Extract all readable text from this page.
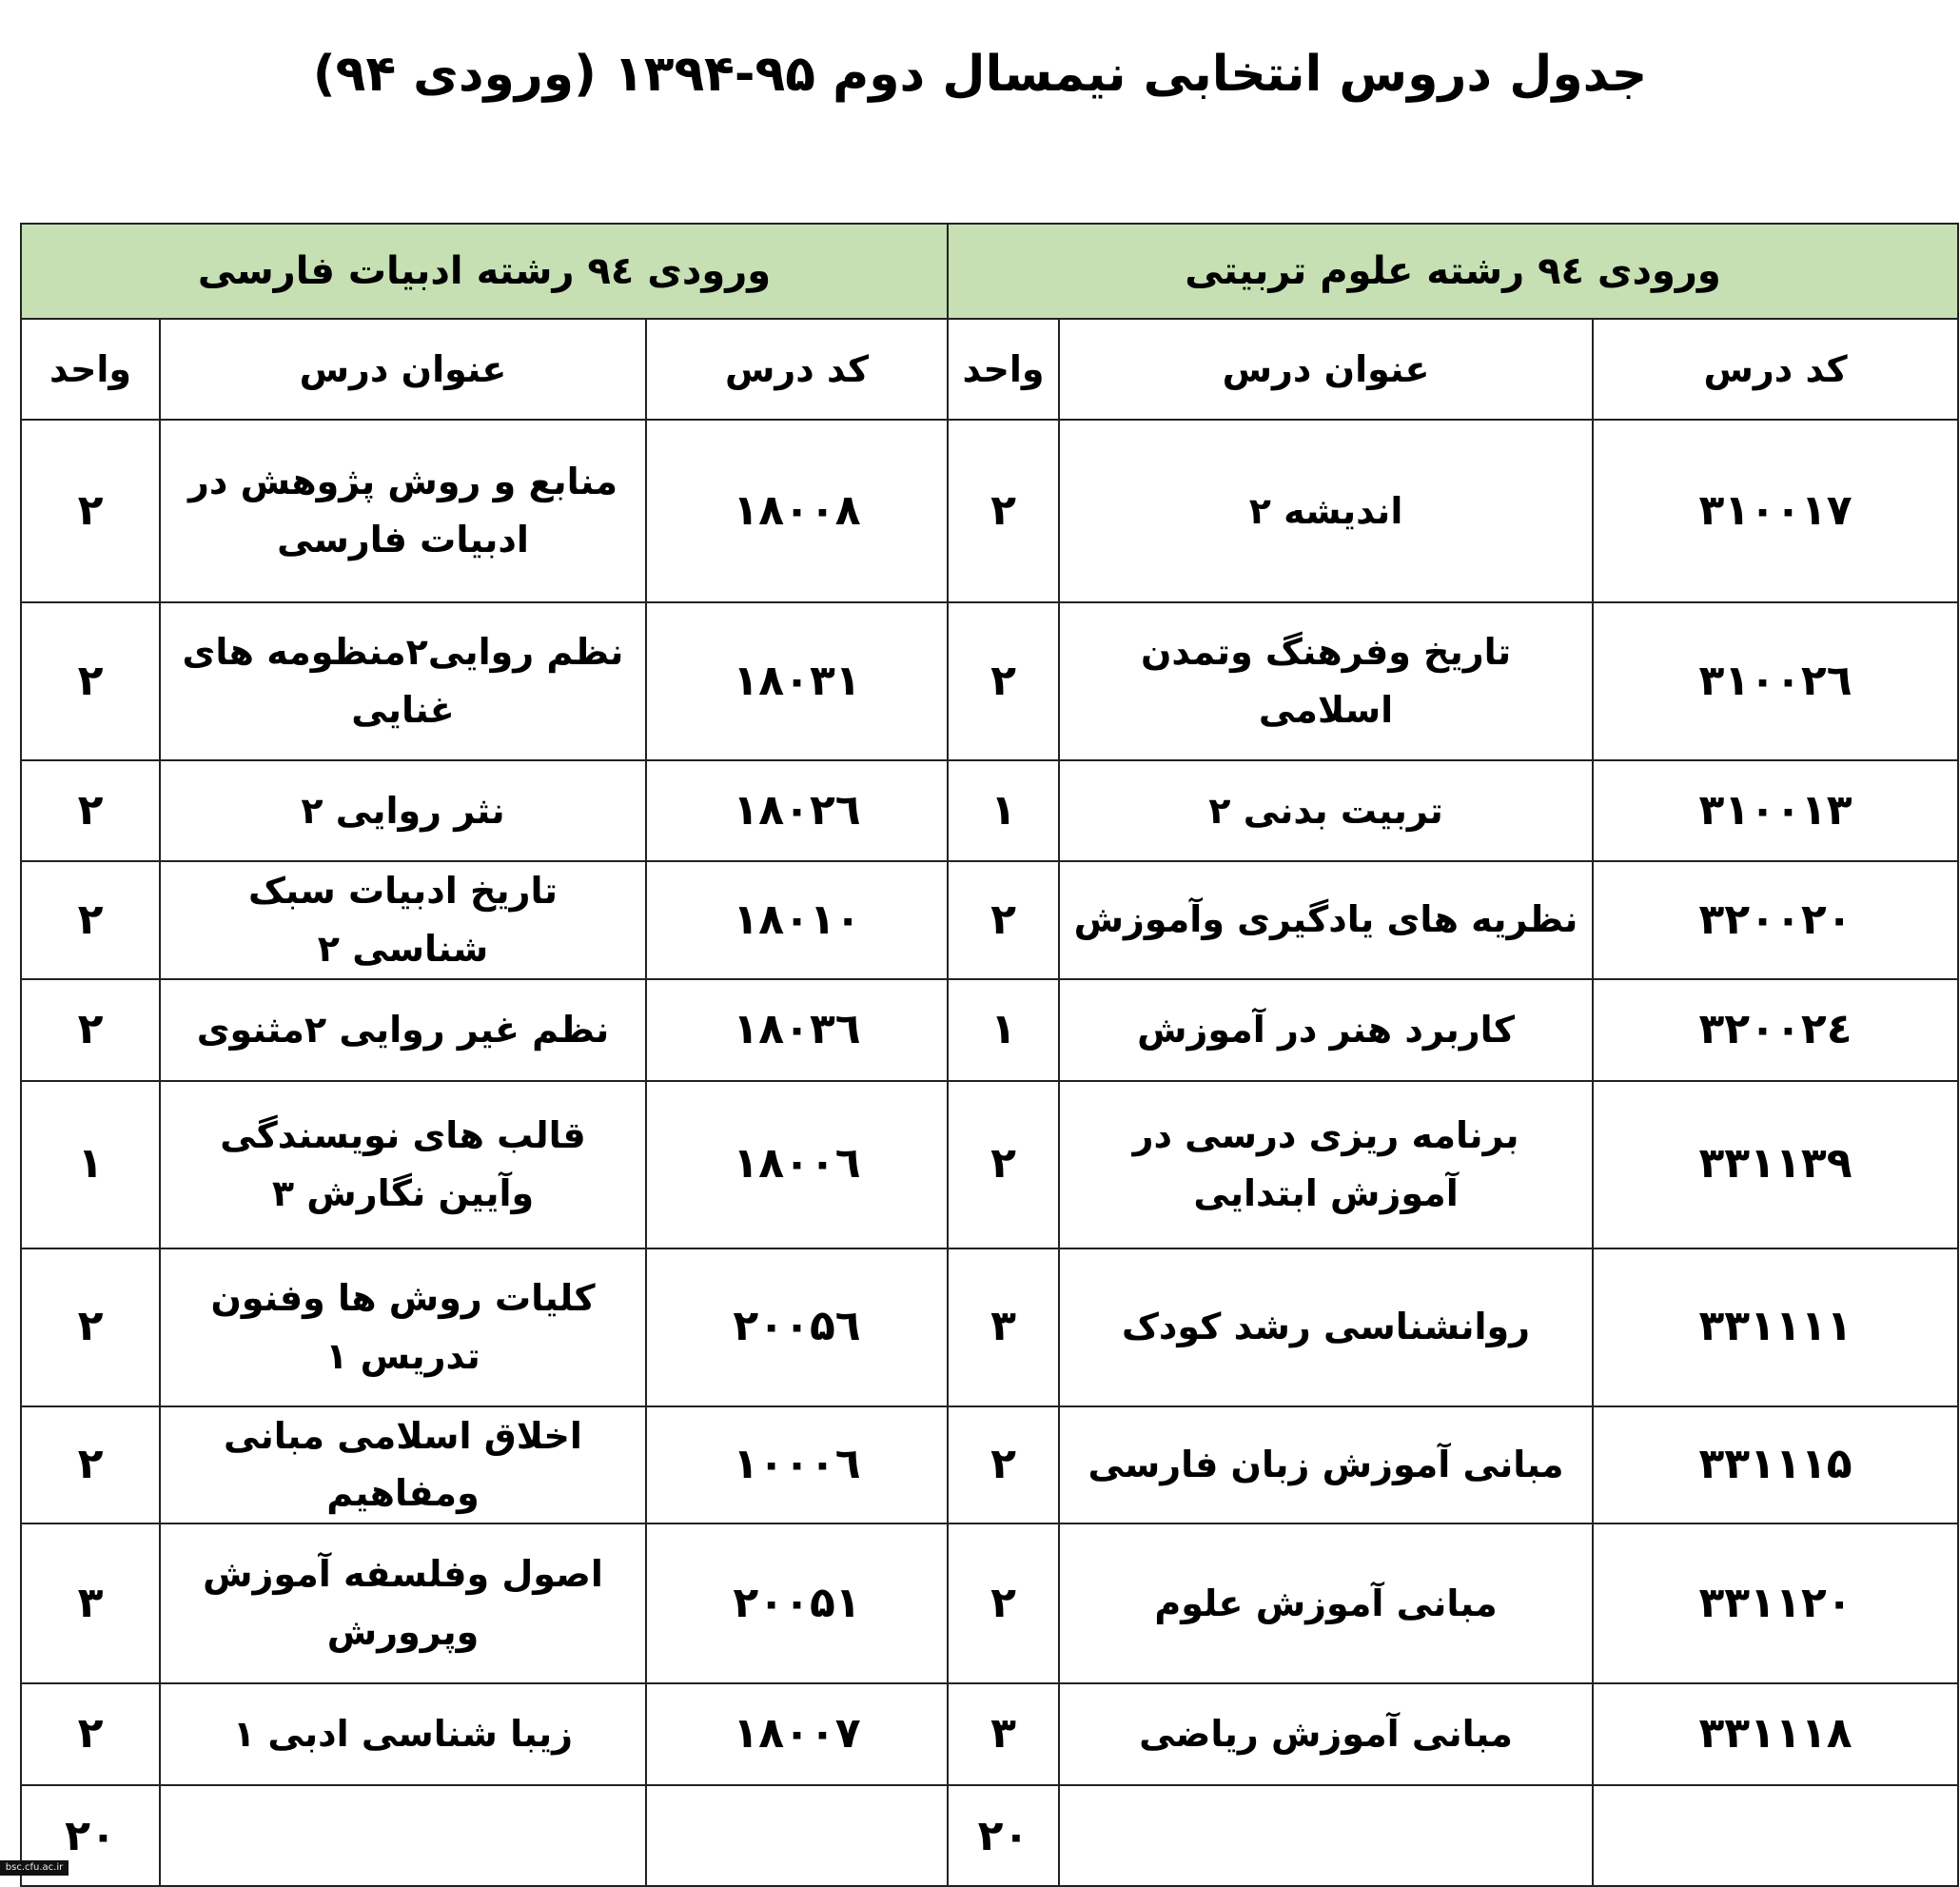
جدول دروس انتخابی نیمسال دوم ۹۵-۱۳۹۴ (ورودی ۹۴)
ورودی ۹٤ رشته ادبیات فارسی			ورودی ۹٤ رشته علوم تربیتی		
واحد	عنوان درس	کد درس	واحد	عنوان درس	کد درس
۲	منابع و روش پژوهش در ادبیات فارسی	۱۸۰۰۸	۲	اندیشه ۲	۳۱۰۰۱۷
۲	نظم روایی۲منظومه های غنایی	۱۸۰۳۱	۲	تاریخ وفرهنگ وتمدن اسلامی	۳۱۰۰۲٦
۲	نثر روایی ۲	۱۸۰۲٦	۱	تربیت بدنی ۲	۳۱۰۰۱۳
۲	تاریخ ادبیات سبک شناسی ۲	۱۸۰۱۰	۲	نظریه های یادگیری وآموزش	۳۲۰۰۲۰
۲	نظم غیر روایی ۲مثنوی	۱۸۰۳٦	۱	کاربرد هنر در آموزش	۳۲۰۰۲٤
۱	قالب های نویسندگی وآیین نگارش ۳	۱۸۰۰٦	۲	برنامه ریزی درسی در آموزش ابتدایی	۳۳۱۱۳۹
۲	کلیات روش ها وفنون تدریس ۱	۲۰۰۵٦	۳	روانشناسی رشد کودک	۳۳۱۱۱۱
۲	اخلاق اسلامی مبانی ومفاهیم	۱۰۰۰٦	۲	مبانی آموزش زبان فارسی	۳۳۱۱۱۵
۳	اصول وفلسفه آموزش وپرورش	۲۰۰۵۱	۲	مبانی آموزش علوم	۳۳۱۱۲۰
۲	زیبا شناسی ادبی ۱	۱۸۰۰۷	۳	مبانی آموزش ریاضی	۳۳۱۱۱۸
۲۰			۲۰		
bsc.cfu.ac.ir
